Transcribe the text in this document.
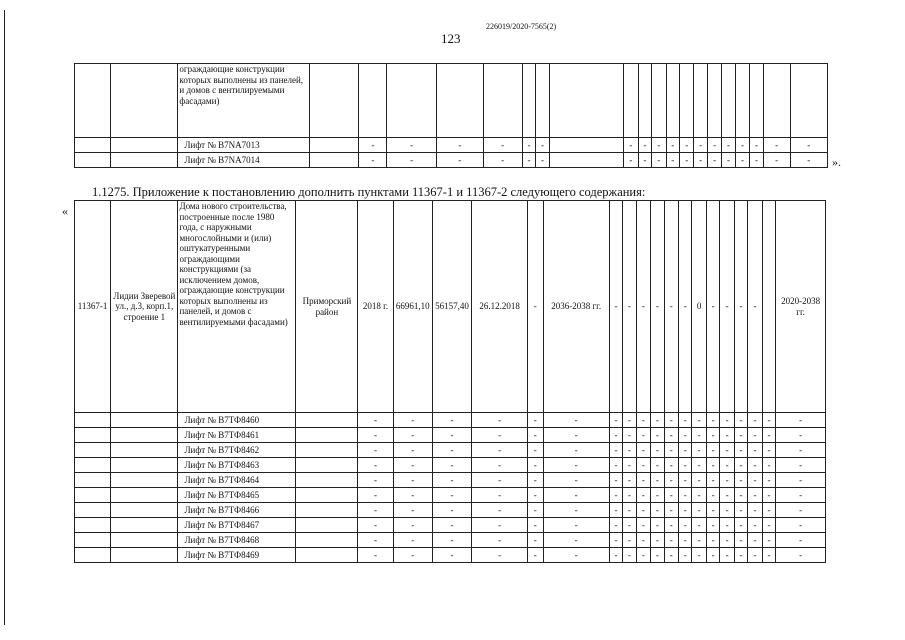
226019/2020-7565(2)
123
		ограждающие конструкции которых выполнены из панелей, и домов с вентилируемыми фасадами)																				
		Лифт № В7NA7013		-	-	-	-	-	-		-	-	-	-	-	-	-	-	-	-	-	-
		Лифт № В7NA7014		-	-	-	-	-	-		-	-	-	-	-	-	-	-	-	-	-	- ».
1.1275. Приложение к постановлению дополнить пунктами 11367-1 и 11367-2 следующего содержания:
«
11367-1	Лидии Зверевой ул., д.3, корп.1, строение 1	Дома нового строительства, построенные после 1980 года, с наружными многослойными и (или) оштукатуренными ограждающими конструкциями (за исключением домов, ограждающие конструкции которых выполнены из панелей, и домов с вентилируемыми фасадами)	Приморский район	2018 г.	66961,10	56157,40	26.12.2018	-	2036-2038 гг.	-	-	-	-	-	-	0	-	-	-	-		2020-2038 гг.
		Лифт № В7ТФ8460		-	-	-	-	-	-	-	-	-	-	-	-	-	-	-	-	-	-	-
		Лифт № В7ТФ8461		-	-	-	-	-	-	-	-	-	-	-	-	-	-	-	-	-	-	-
		Лифт № В7ТФ8462		-	-	-	-	-	-	-	-	-	-	-	-	-	-	-	-	-	-	-
		Лифт № В7ТФ8463		-	-	-	-	-	-	-	-	-	-	-	-	-	-	-	-	-	-	-
		Лифт № В7ТФ8464		-	-	-	-	-	-	-	-	-	-	-	-	-	-	-	-	-	-	-
		Лифт № В7ТФ8465		-	-	-	-	-	-	-	-	-	-	-	-	-	-	-	-	-	-	-
		Лифт № В7ТФ8466		-	-	-	-	-	-	-	-	-	-	-	-	-	-	-	-	-	-	-
		Лифт № В7ТФ8467		-	-	-	-	-	-	-	-	-	-	-	-	-	-	-	-	-	-	-
		Лифт № В7ТФ8468		-	-	-	-	-	-	-	-	-	-	-	-	-	-	-	-	-	-	-
		Лифт № В7ТФ8469		-	-	-	-	-	-	-	-	-	-	-	-	-	-	-	-	-	-	-
